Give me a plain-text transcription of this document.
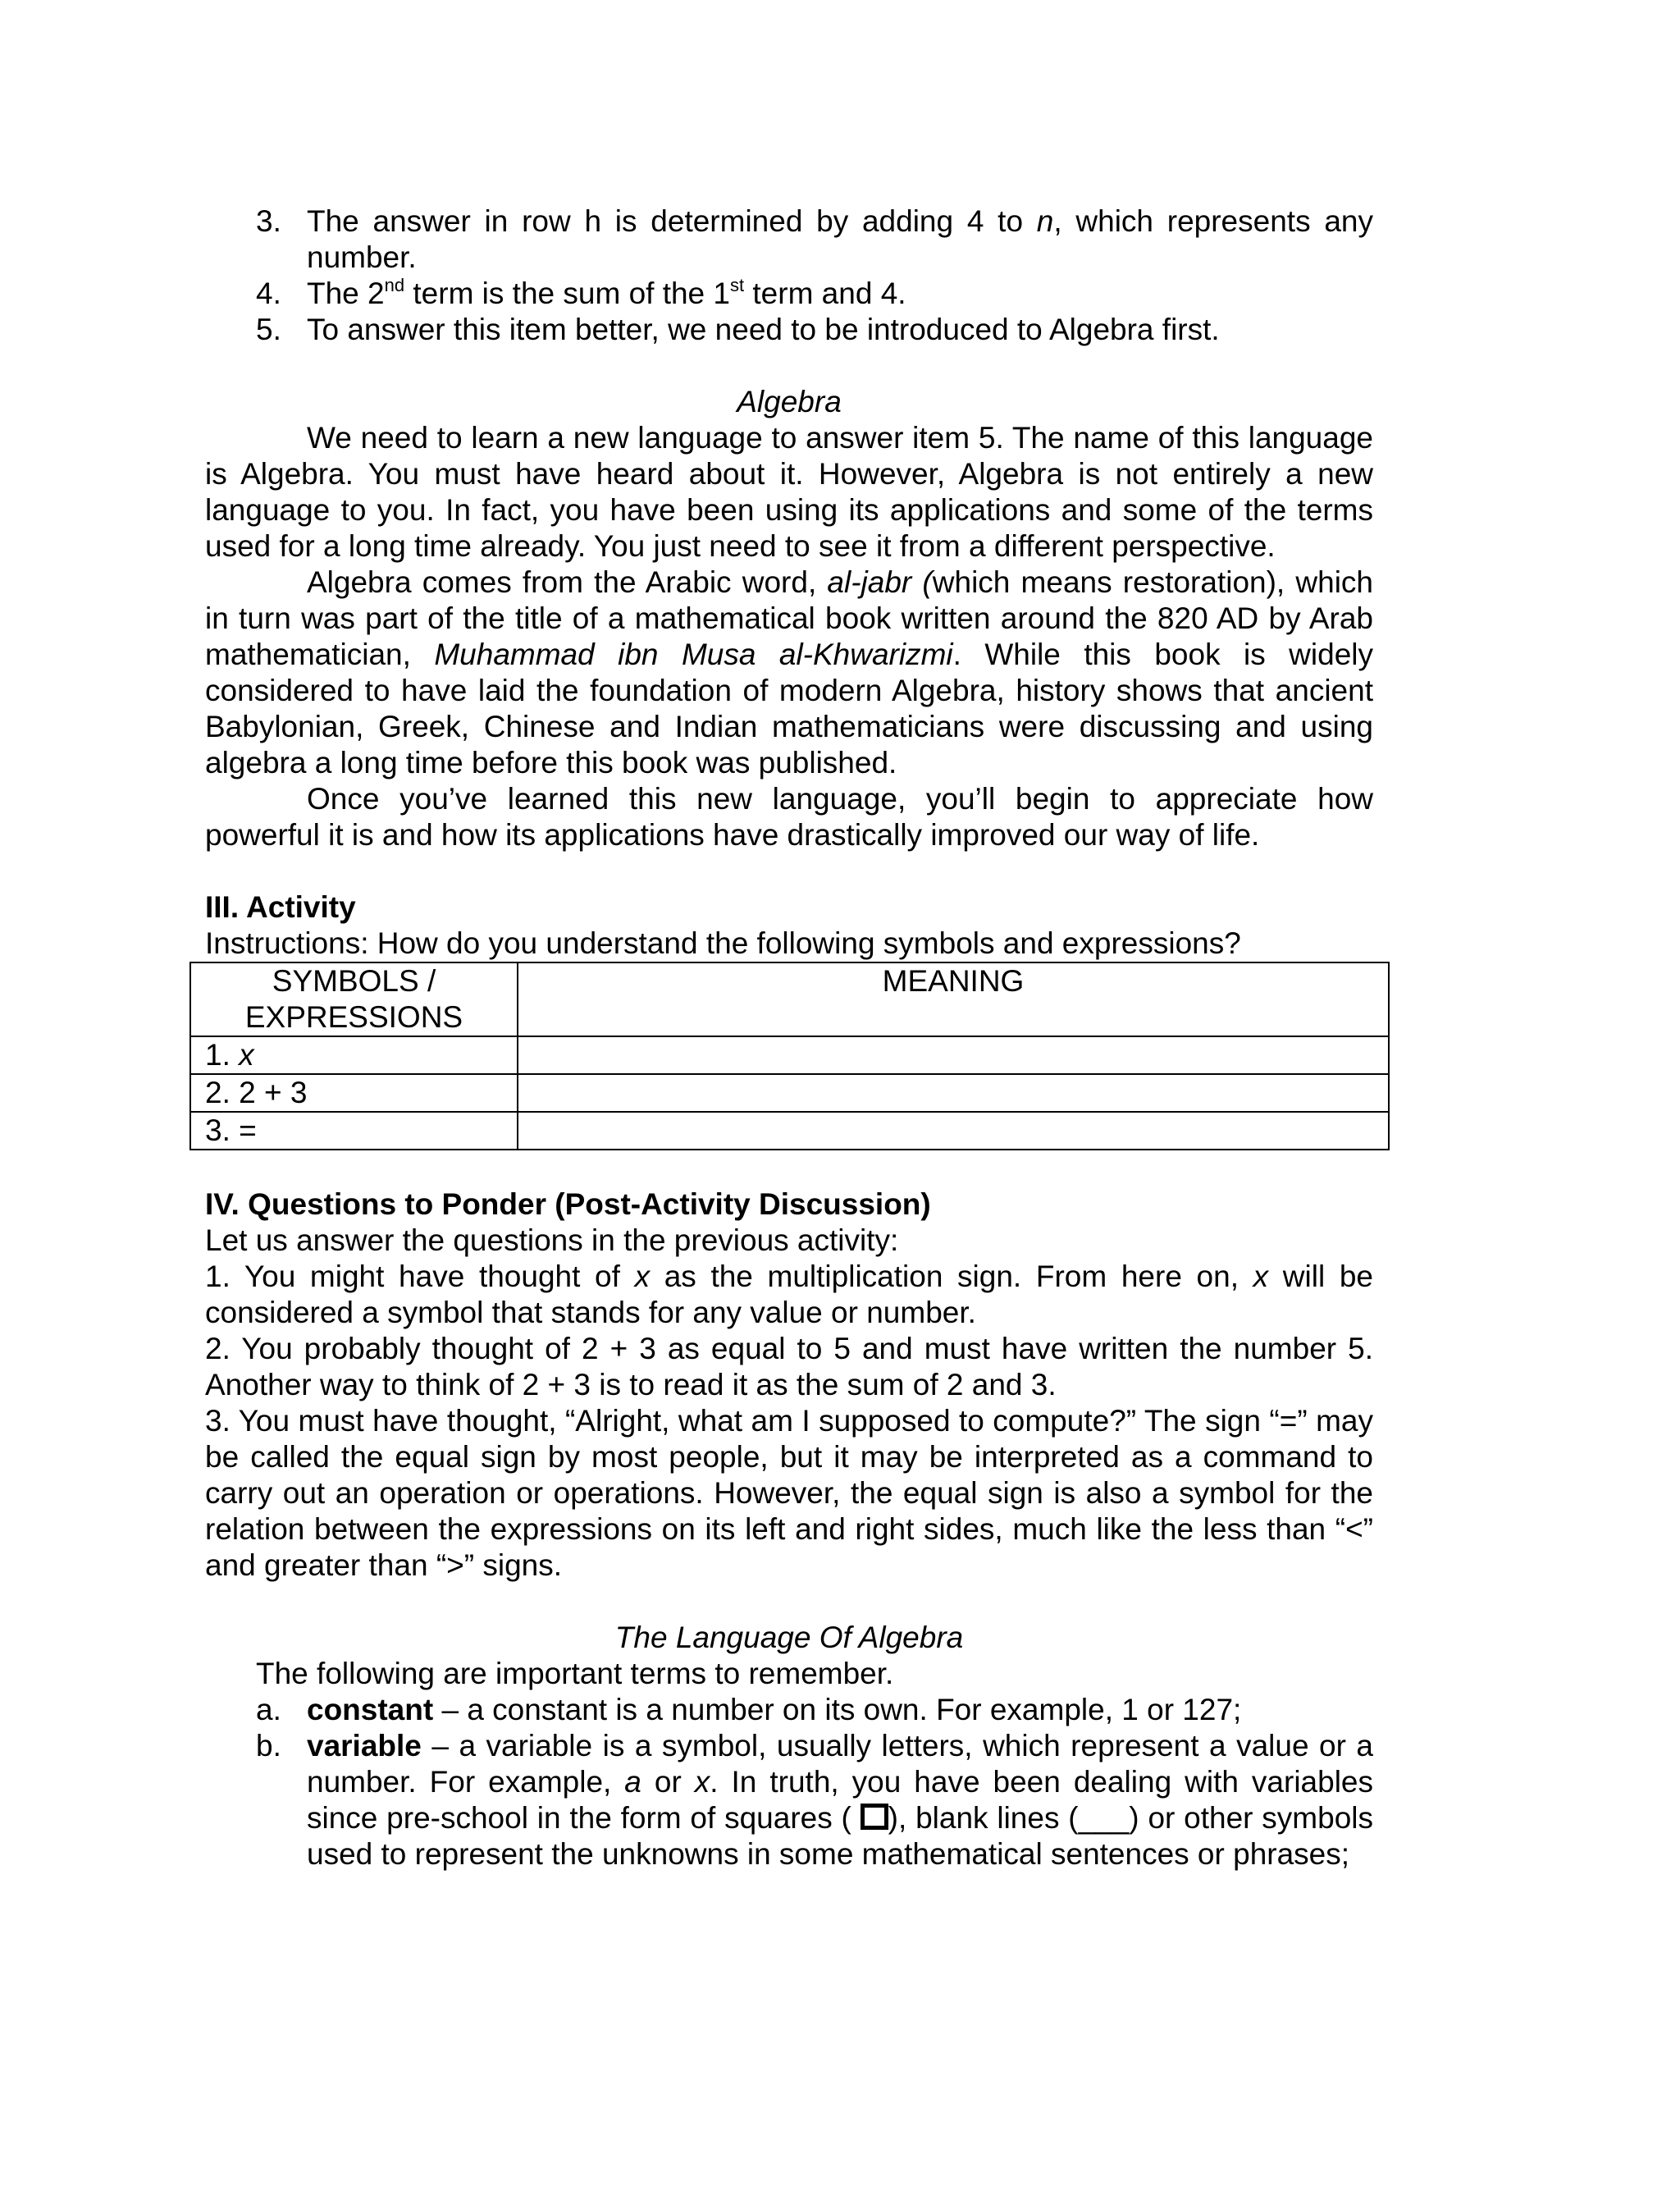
3. The answer in row h is determined by adding 4 to n, which represents any number.
4. The 2nd term is the sum of the 1st term and 4.
5. To answer this item better, we need to be introduced to Algebra first.

Algebra

We need to learn a new language to answer item 5. The name of this language is Algebra. You must have heard about it. However, Algebra is not entirely a new language to you. In fact, you have been using its applications and some of the terms used for a long time already. You just need to see it from a different perspective.

Algebra comes from the Arabic word, al-jabr (which means restoration), which in turn was part of the title of a mathematical book written around the 820 AD by Arab mathematician, Muhammad ibn Musa al-Khwarizmi. While this book is widely considered to have laid the foundation of modern Algebra, history shows that ancient Babylonian, Greek, Chinese and Indian mathematicians were discussing and using algebra a long time before this book was published.

Once you’ve learned this new language, you’ll begin to appreciate how powerful it is and how its applications have drastically improved our way of life.

III. Activity

Instructions: How do you understand the following symbols and expressions?

SYMBOLS /
EXPRESSIONS	MEANING
1. x	
2. 2 + 3	
3. =	

IV. Questions to Ponder (Post-Activity Discussion)

Let us answer the questions in the previous activity:

1. You might have thought of x as the multiplication sign. From here on, x will be considered a symbol that stands for any value or number.

2. You probably thought of 2 + 3 as equal to 5 and must have written the number 5. Another way to think of 2 + 3 is to read it as the sum of 2 and 3.

3. You must have thought, “Alright, what am I supposed to compute?” The sign “=” may be called the equal sign by most people, but it may be interpreted as a command to carry out an operation or operations. However, the equal sign is also a symbol for the relation between the expressions on its left and right sides, much like the less than “<” and greater than “>” signs.

The Language Of Algebra

The following are important terms to remember.

a. constant – a constant is a number on its own. For example, 1 or 127;
b. variable – a variable is a symbol, usually letters, which represent a value or a number. For example, a or x. In truth, you have been dealing with variables since pre-school in the form of squares ( ), blank lines (___) or other symbols used to represent the unknowns in some mathematical sentences or phrases;
